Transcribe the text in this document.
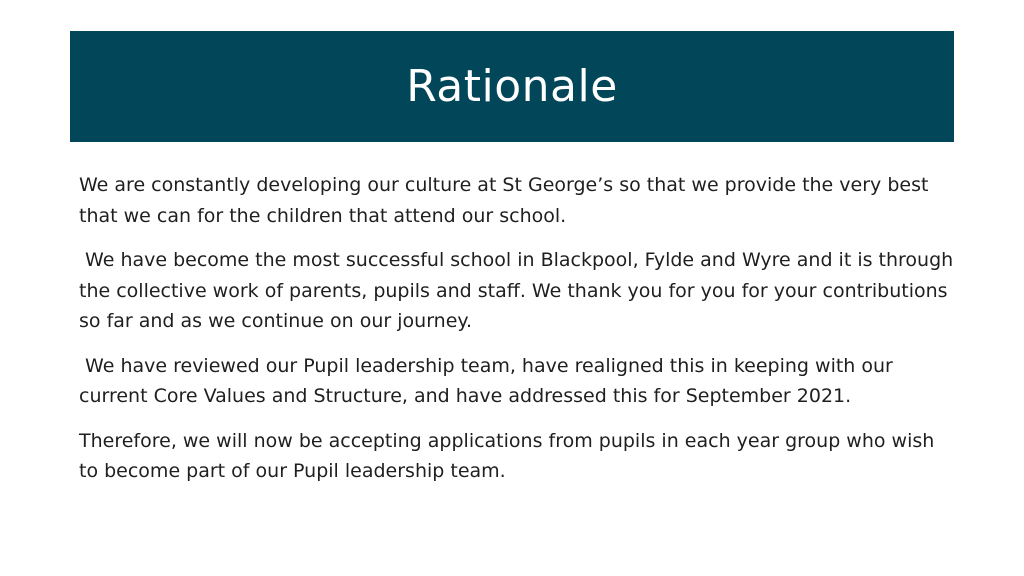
Rationale

We are constantly developing our culture at St George’s so that we provide the very best that we can for the children that attend our school.

We have become the most successful school in Blackpool, Fylde and Wyre and it is through the collective work of parents, pupils and staff. We thank you for you for your contributions so far and as we continue on our journey.

We have reviewed our Pupil leadership team, have realigned this in keeping with our current Core Values and Structure, and have addressed this for September 2021.

Therefore, we will now be accepting applications from pupils in each year group who wish to become part of our Pupil leadership team.
